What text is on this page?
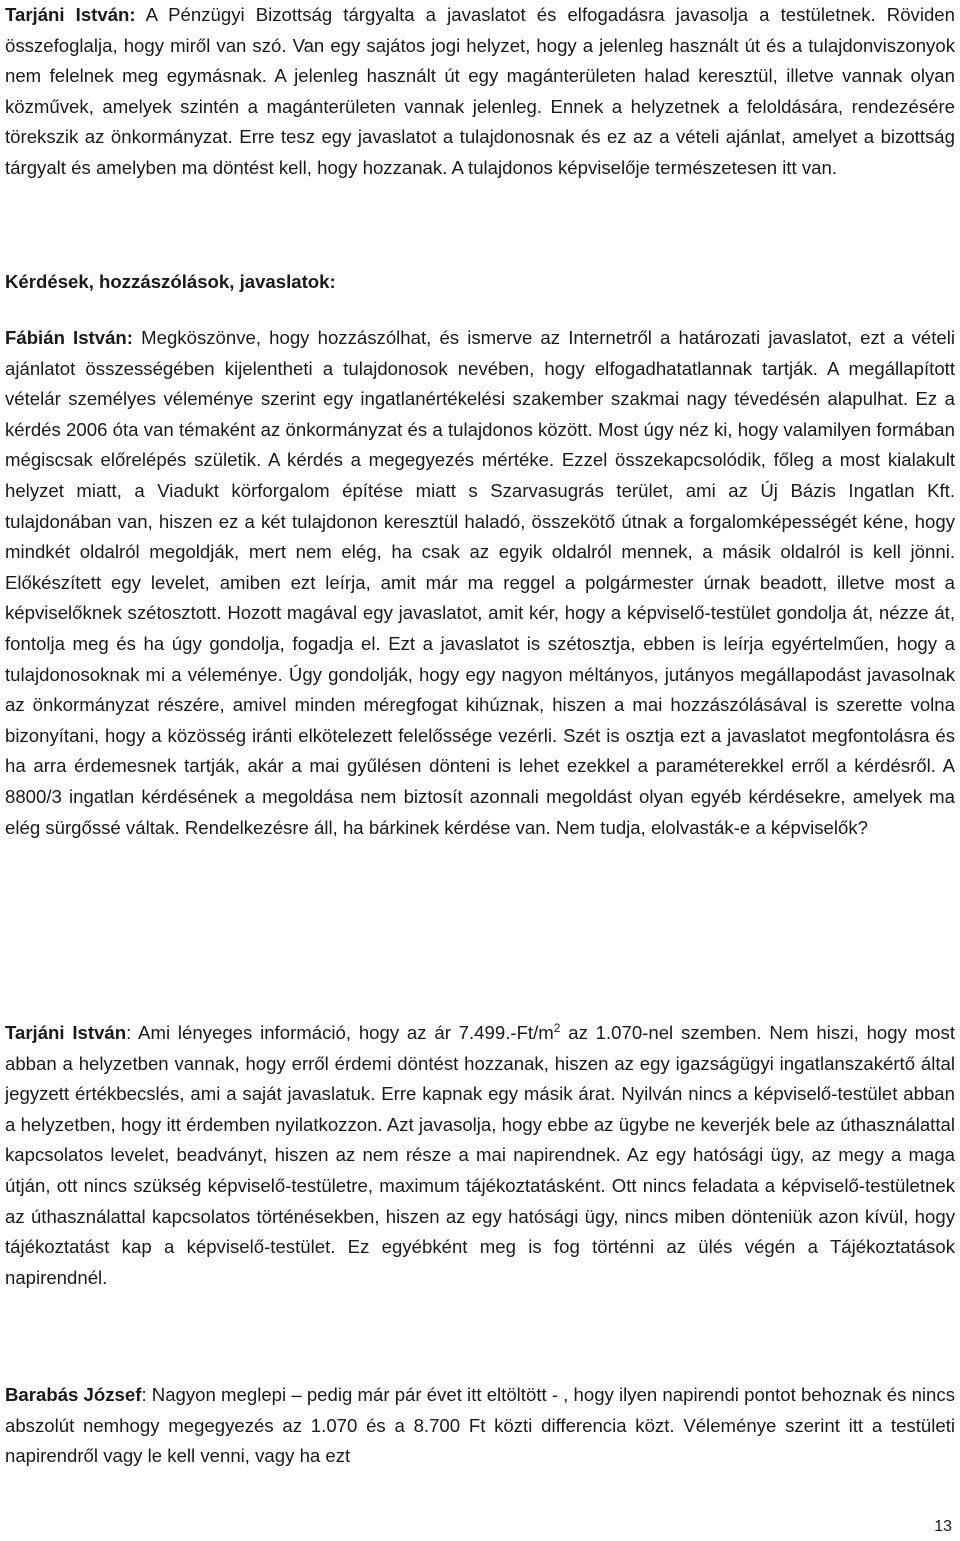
Tarjáni István: A Pénzügyi Bizottság tárgyalta a javaslatot és elfogadásra javasolja a testületnek. Röviden összefoglalja, hogy miről van szó. Van egy sajátos jogi helyzet, hogy a jelenleg használt út és a tulajdonviszonyok nem felelnek meg egymásnak. A jelenleg használt út egy magánterületen halad keresztül, illetve vannak olyan közművek, amelyek szintén a magánterületen vannak jelenleg. Ennek a helyzetnek a feloldására, rendezésére törekszik az önkormányzat. Erre tesz egy javaslatot a tulajdonosnak és ez az a vételi ajánlat, amelyet a bizottság tárgyalt és amelyben ma döntést kell, hogy hozzanak. A tulajdonos képviselője természetesen itt van.

Kérdések, hozzászólások, javaslatok:

Fábián István: Megköszönve, hogy hozzászólhat, és ismerve az Internetről a határozati javaslatot, ezt a vételi ajánlatot összességében kijelentheti a tulajdonosok nevében, hogy elfogadhatatlannak tartják. A megállapított vételár személyes véleménye szerint egy ingatlanértékelési szakember szakmai nagy tévedésén alapulhat. Ez a kérdés 2006 óta van témaként az önkormányzat és a tulajdonos között. Most úgy néz ki, hogy valamilyen formában mégiscsak előrelépés születik. A kérdés a megegyezés mértéke. Ezzel összekapcsolódik, főleg a most kialakult helyzet miatt, a Viadukt körforgalom építése miatt s Szarvasugrás terület, ami az Új Bázis Ingatlan Kft. tulajdonában van, hiszen ez a két tulajdonon keresztül haladó, összekötő útnak a forgalomképességét kéne, hogy mindkét oldalról megoldják, mert nem elég, ha csak az egyik oldalról mennek, a másik oldalról is kell jönni. Előkészített egy levelet, amiben ezt leírja, amit már ma reggel a polgármester úrnak beadott, illetve most a képviselőknek szétosztott. Hozott magával egy javaslatot, amit kér, hogy a képviselő-testület gondolja át, nézze át, fontolja meg és ha úgy gondolja, fogadja el. Ezt a javaslatot is szétosztja, ebben is leírja egyértelműen, hogy a tulajdonosoknak mi a véleménye. Úgy gondolják, hogy egy nagyon méltányos, jutányos megállapodást javasolnak az önkormányzat részére, amivel minden méregfogat kihúznak, hiszen a mai hozzászólásával is szerette volna bizonyítani, hogy a közösség iránti elkötelezett felelőssége vezérli. Szét is osztja ezt a javaslatot megfontolásra és ha arra érdemesnek tartják, akár a mai gyűlésen dönteni is lehet ezekkel a paraméterekkel erről a kérdésről. A 8800/3 ingatlan kérdésének a megoldása nem biztosít azonnali megoldást olyan egyéb kérdésekre, amelyek ma elég sürgőssé váltak. Rendelkezésre áll, ha bárkinek kérdése van. Nem tudja, elolvasták-e a képviselők?

Tarjáni István: Ami lényeges információ, hogy az ár $7.499.-Ft/m^2$ az 1.070-nel szemben. Nem hiszi, hogy most abban a helyzetben vannak, hogy erről érdemi döntést hozzanak, hiszen az egy igazságügyi ingatlanszakértő által jegyzett értékbecslés, ami a saját javaslatuk. Erre kapnak egy másik árat. Nyilván nincs a képviselő-testület abban a helyzetben, hogy itt érdemben nyilatkozzon. Azt javasolja, hogy ebbe az ügybe ne keverjék bele az úthasználattal kapcsolatos levelet, beadványt, hiszen az nem része a mai napirendnek. Az egy hatósági ügy, az megy a maga útján, ott nincs szükség képviselő-testületre, maximum tájékoztatásként. Ott nincs feladata a képviselő-testületnek az úthasználattal kapcsolatos történésekben, hiszen az egy hatósági ügy, nincs miben dönteniük azon kívül, hogy tájékoztatást kap a képviselő-testület. Ez egyébként meg is fog történni az ülés végén a Tájékoztatások napirendnél.

Barabás József: Nagyon meglepi – pedig már pár évet itt eltöltött - , hogy ilyen napirendi pontot behoznak és nincs abszolút nemhogy megegyezés az 1.070 és a 8.700 Ft közti differencia közt. Véleménye szerint itt a testületi napirendről vagy le kell venni, vagy ha ezt

13
